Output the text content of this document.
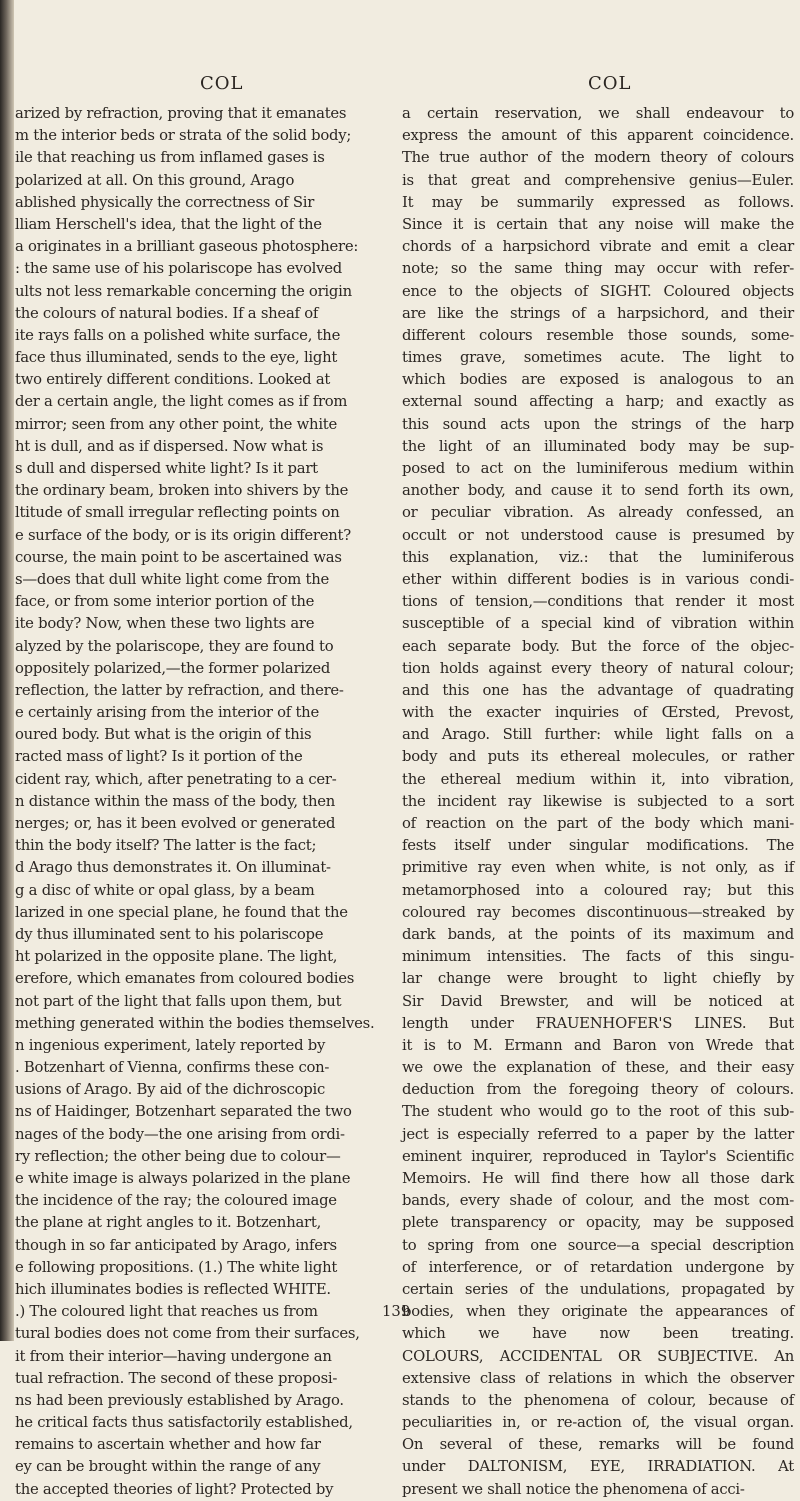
COL	COL
arized by refraction, proving that it emanates
m the interior beds or strata of the solid body;
ile that reaching us from inflamed gases is
polarized at all. On this ground, Arago
ablished physically the correctness of Sir
lliam Herschell's idea, that the light of the
a originates in a brilliant gaseous photosphere:
: the same use of his polariscope has evolved
ults not less remarkable concerning the origin
the colours of natural bodies. If a sheaf of
ite rays falls on a polished white surface, the
face thus illuminated, sends to the eye, light
two entirely different conditions. Looked at
der a certain angle, the light comes as if from
mirror; seen from any other point, the white
ht is dull, and as if dispersed. Now what is
s dull and dispersed white light? Is it part
the ordinary beam, broken into shivers by the
ltitude of small irregular reflecting points on
e surface of the body, or is its origin different?
course, the main point to be ascertained was
s—does that dull white light come from the
face, or from some interior portion of the
ite body? Now, when these two lights are
alyzed by the polariscope, they are found to
oppositely polarized,—the former polarized
reflection, the latter by refraction, and there-
e certainly arising from the interior of the
oured body. But what is the origin of this
racted mass of light? Is it portion of the
cident ray, which, after penetrating to a cer-
n distance within the mass of the body, then
nerges; or, has it been evolved or generated
thin the body itself? The latter is the fact;
d Arago thus demonstrates it. On illuminat-
g a disc of white or opal glass, by a beam
larized in one special plane, he found that the
dy thus illuminated sent to his polariscope
ht polarized in the opposite plane. The light,
erefore, which emanates from coloured bodies
not part of the light that falls upon them, but
mething generated within the bodies themselves.
n ingenious experiment, lately reported by
. Botzenhart of Vienna, confirms these con-
usions of Arago. By aid of the dichroscopic
ns of Haidinger, Botzenhart separated the two
nages of the body—the one arising from ordi-
ry reflection; the other being due to colour—
e white image is always polarized in the plane
the incidence of the ray; the coloured image
the plane at right angles to it. Botzenhart,
though in so far anticipated by Arago, infers
e following propositions. (1.) The white light
hich illuminates bodies is reflected WHITE.
.) The coloured light that reaches us from
tural bodies does not come from their surfaces,
it from their interior—having undergone an
tual refraction. The second of these proposi-
ns had been previously established by Arago.
he critical facts thus satisfactorily established,
remains to ascertain whether and how far
ey can be brought within the range of any
the accepted theories of light? Protected by
a certain reservation, we shall endeavour to
express the amount of this apparent coincidence.
The true author of the modern theory of colours
is that great and comprehensive genius—Euler.
It may be summarily expressed as follows.
Since it is certain that any noise will make the
chords of a harpsichord vibrate and emit a clear
note; so the same thing may occur with refer-
ence to the objects of SIGHT. Coloured objects
are like the strings of a harpsichord, and their
different colours resemble those sounds, some-
times grave, sometimes acute. The light to
which bodies are exposed is analogous to an
external sound affecting a harp; and exactly as
this sound acts upon the strings of the harp
the light of an illuminated body may be sup-
posed to act on the luminiferous medium within
another body, and cause it to send forth its own,
or peculiar vibration. As already confessed, an
occult or not understood cause is presumed by
this explanation, viz.: that the luminiferous
ether within different bodies is in various condi-
tions of tension,—conditions that render it most
susceptible of a special kind of vibration within
each separate body. But the force of the objec-
tion holds against every theory of natural colour;
and this one has the advantage of quadrating
with the exacter inquiries of Œrsted, Prevost,
and Arago. Still further: while light falls on a
body and puts its ethereal molecules, or rather
the ethereal medium within it, into vibration,
the incident ray likewise is subjected to a sort
of reaction on the part of the body which mani-
fests itself under singular modifications. The
primitive ray even when white, is not only, as if
metamorphosed into a coloured ray; but this
coloured ray becomes discontinuous—streaked by
dark bands, at the points of its maximum and
minimum intensities. The facts of this singu-
lar change were brought to light chiefly by
Sir David Brewster, and will be noticed at
length under FRAUENHOFER'S LINES. But
it is to M. Ermann and Baron von Wrede that
we owe the explanation of these, and their easy
deduction from the foregoing theory of colours.
The student who would go to the root of this sub-
ject is especially referred to a paper by the latter
eminent inquirer, reproduced in Taylor's Scientific
Memoirs. He will find there how all those dark
bands, every shade of colour, and the most com-
plete transparency or opacity, may be supposed
to spring from one source—a special description
of interference, or of retardation undergone by
certain series of the undulations, propagated by
bodies, when they originate the appearances of
which we have now been treating.
COLOURS, ACCIDENTAL OR SUBJECTIVE. An
extensive class of relations in which the observer
stands to the phenomena of colour, because of
peculiarities in, or re-action of, the visual organ.
On several of these, remarks will be found
under DALTONISM, EYE, IRRADIATION. At
present we shall notice the phenomena of acci-
139
